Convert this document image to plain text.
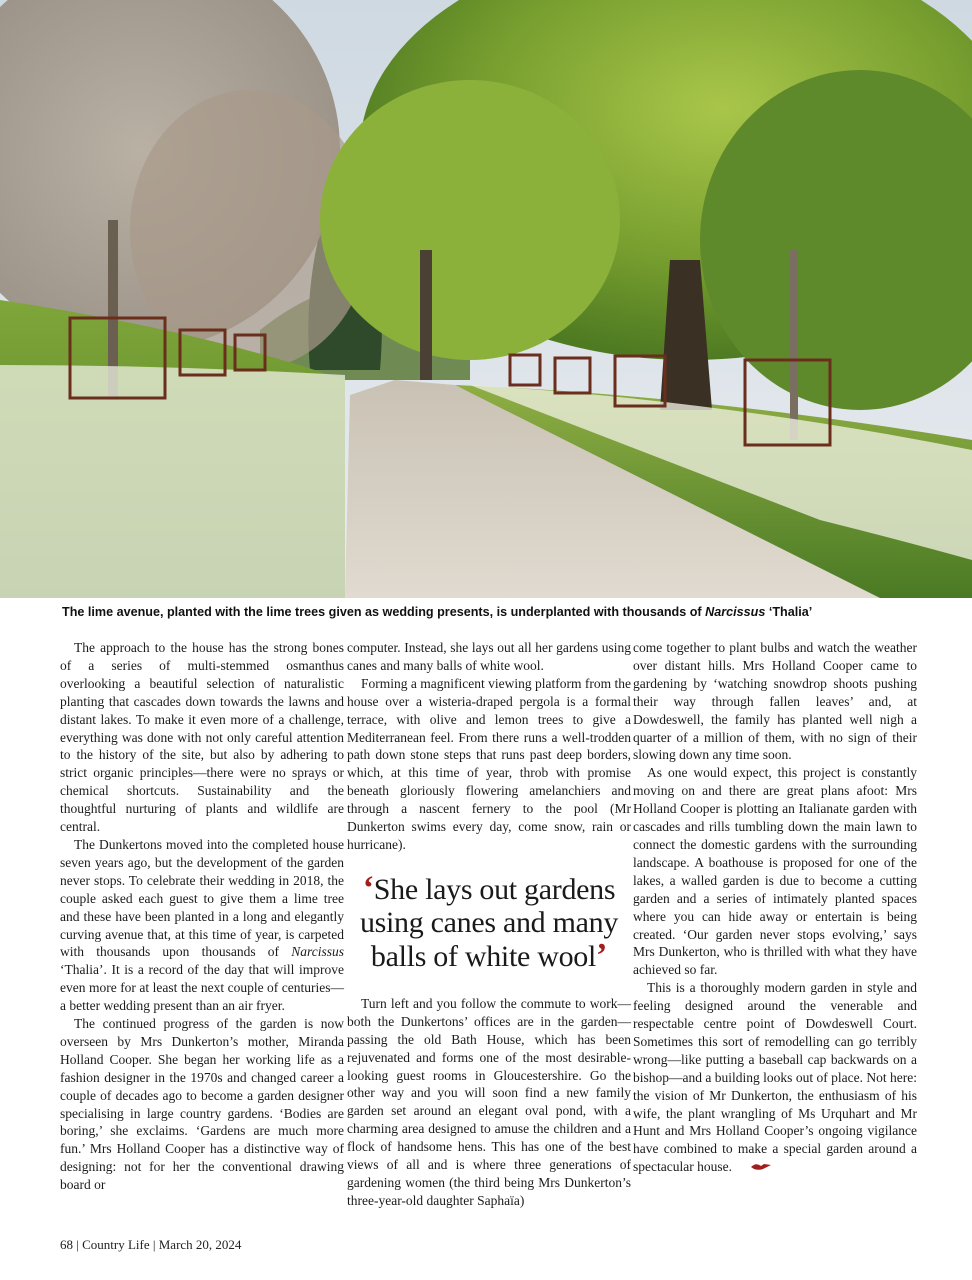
The lime avenue, planted with the lime trees given as wedding presents, is underplanted with thousands of Narcissus ‘Thalia’

The approach to the house has the strong bones of a series of multi-stemmed osmanthus overlooking a beautiful selection of naturalistic planting that cascades down towards the lawns and distant lakes. To make it even more of a challenge, everything was done with not only careful attention to the history of the site, but also by adhering to strict organic principles—there were no sprays or chemical shortcuts. Sustainability and the thoughtful nurturing of plants and wildlife are central.

The Dunkertons moved into the completed house seven years ago, but the development of the garden never stops. To celebrate their wedding in 2018, the couple asked each guest to give them a lime tree and these have been planted in a long and elegantly curving avenue that, at this time of year, is carpeted with thousands upon thousands of Narcissus ‘Thalia’. It is a record of the day that will improve even more for at least the next couple of centuries—a better wedding present than an air fryer.

The continued progress of the garden is now overseen by Mrs Dunkerton’s mother, Miranda Holland Cooper. She began her working life as a fashion designer in the 1970s and changed career a couple of decades ago to become a garden designer specialising in large country gardens. ‘Bodies are boring,’ she exclaims. ‘Gardens are much more fun.’ Mrs Holland Cooper has a distinctive way of designing: not for her the conventional drawing board or

computer. Instead, she lays out all her gardens using canes and many balls of white wool.

Forming a magnificent viewing platform from the house over a wisteria-draped pergola is a formal terrace, with olive and lemon trees to give a Mediterranean feel. From there runs a well-trodden path down stone steps that runs past deep borders, which, at this time of year, throb with promise beneath gloriously flowering amelanchiers and through a nascent fernery to the pool (Mr Dunkerton swims every day, come snow, rain or hurricane).

‘She lays out gardens using canes and many balls of white wool’

Turn left and you follow the commute to work—both the Dunkertons’ offices are in the garden—passing the old Bath House, which has been rejuvenated and forms one of the most desirable-looking guest rooms in Gloucestershire. Go the other way and you will soon find a new family garden set around an elegant oval pond, with a charming area designed to amuse the children and a flock of handsome hens. This has one of the best views of all and is where three generations of gardening women (the third being Mrs Dunkerton’s three-year-old daughter Saphaïa)

come together to plant bulbs and watch the weather over distant hills. Mrs Holland Cooper came to gardening by ‘watching snowdrop shoots pushing their way through fallen leaves’ and, at Dowdeswell, the family has planted well nigh a quarter of a million of them, with no sign of their slowing down any time soon.

As one would expect, this project is constantly moving on and there are great plans afoot: Mrs Holland Cooper is plotting an Italianate garden with cascades and rills tumbling down the main lawn to connect the domestic gardens with the surrounding landscape. A boathouse is proposed for one of the lakes, a walled garden is due to become a cutting garden and a series of intimately planted spaces where you can hide away or entertain is being created. ‘Our garden never stops evolving,’ says Mrs Dunkerton, who is thrilled with what they have achieved so far.

This is a thoroughly modern garden in style and feeling designed around the venerable and respectable centre point of Dowdeswell Court. Sometimes this sort of remodelling can go terribly wrong—like putting a baseball cap backwards on a bishop—and a building looks out of place. Not here: the vision of Mr Dunkerton, the enthusiasm of his wife, the plant wrangling of Ms Urquhart and Mr Hunt and Mrs Holland Cooper’s ongoing vigilance have combined to make a special garden around a spectacular house.

68 | Country Life | March 20, 2024
